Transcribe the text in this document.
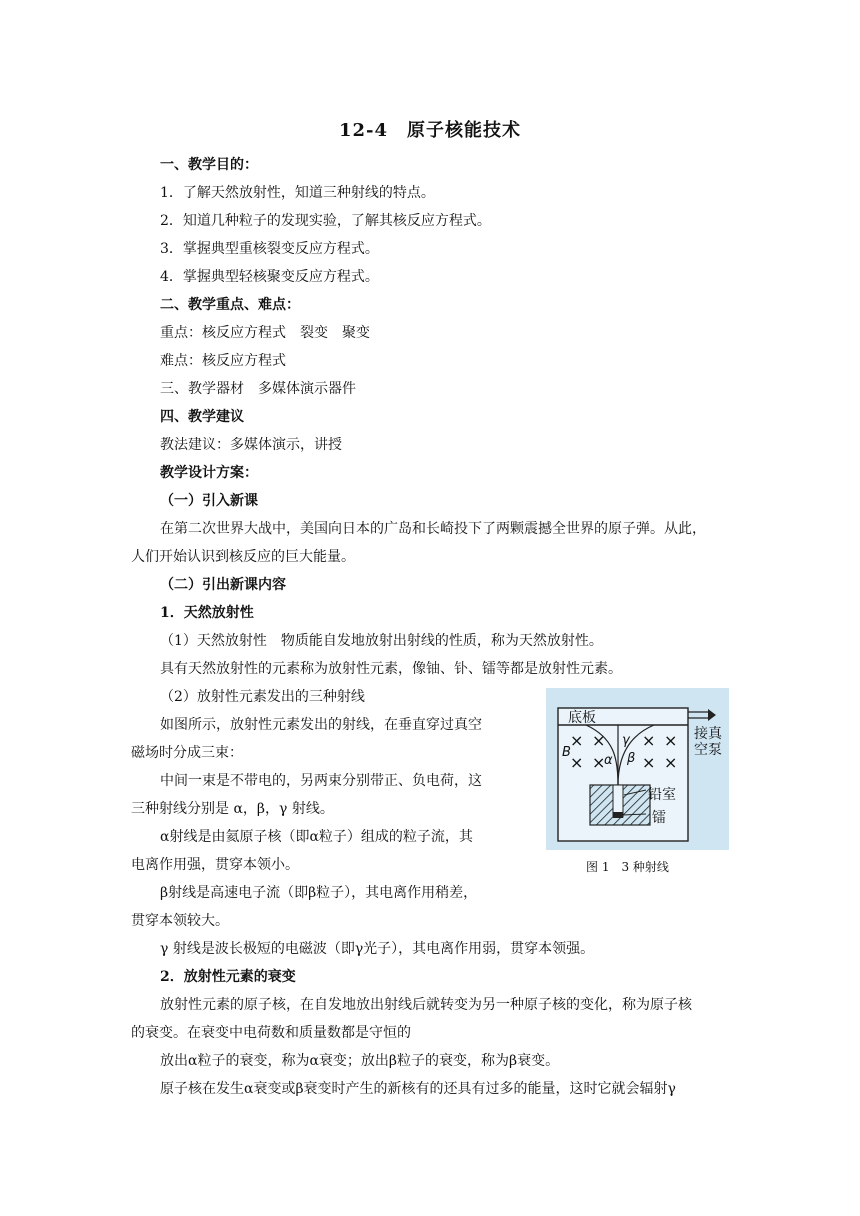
12-4　原子核能技术
一、教学目的：
1．了解天然放射性，知道三种射线的特点。
2．知道几种粒子的发现实验，了解其核反应方程式。
3．掌握典型重核裂变反应方程式。
4．掌握典型轻核聚变反应方程式。
二、教学重点、难点：
重点：核反应方程式　裂变　聚变
难点：核反应方程式
三、教学器材　多媒体演示器件
四、教学建议
教法建议：多媒体演示，讲授
教学设计方案：
（一）引入新课
在第二次世界大战中，美国向日本的广岛和长崎投下了两颗震撼全世界的原子弹。从此，
人们开始认识到核反应的巨大能量。
（二）引出新课内容
1．天然放射性
（1）天然放射性　物质能自发地放射出射线的性质，称为天然放射性。
具有天然放射性的元素称为放射性元素，像铀、钋、镭等都是放射性元素。
（2）放射性元素发出的三种射线
如图所示，放射性元素发出的射线，在垂直穿过真空
磁场时分成三束：
中间一束是不带电的，另两束分别带正、负电荷，这
三种射线分别是 α，β，γ 射线。
α射线是由氦原子核（即α粒子）组成的粒子流，其
电离作用强，贯穿本领小。
β射线是高速电子流（即β粒子），其电离作用稍差，
贯穿本领较大。
γ 射线是波长极短的电磁波（即γ光子），其电离作用弱，贯穿本领强。
2．放射性元素的衰变
放射性元素的原子核，在自发地放出射线后就转变为另一种原子核的变化，称为原子核
的衰变。在衰变中电荷数和质量数都是守恒的
放出α粒子的衰变，称为α衰变；放出β粒子的衰变，称为β衰变。
原子核在发生α衰变或β衰变时产生的新核有的还具有过多的能量，这时它就会辐射γ
× × × ×
× × × ×
底板
接真
空泵
铅室
镭
B
α β
γ
图 1　3 种射线
